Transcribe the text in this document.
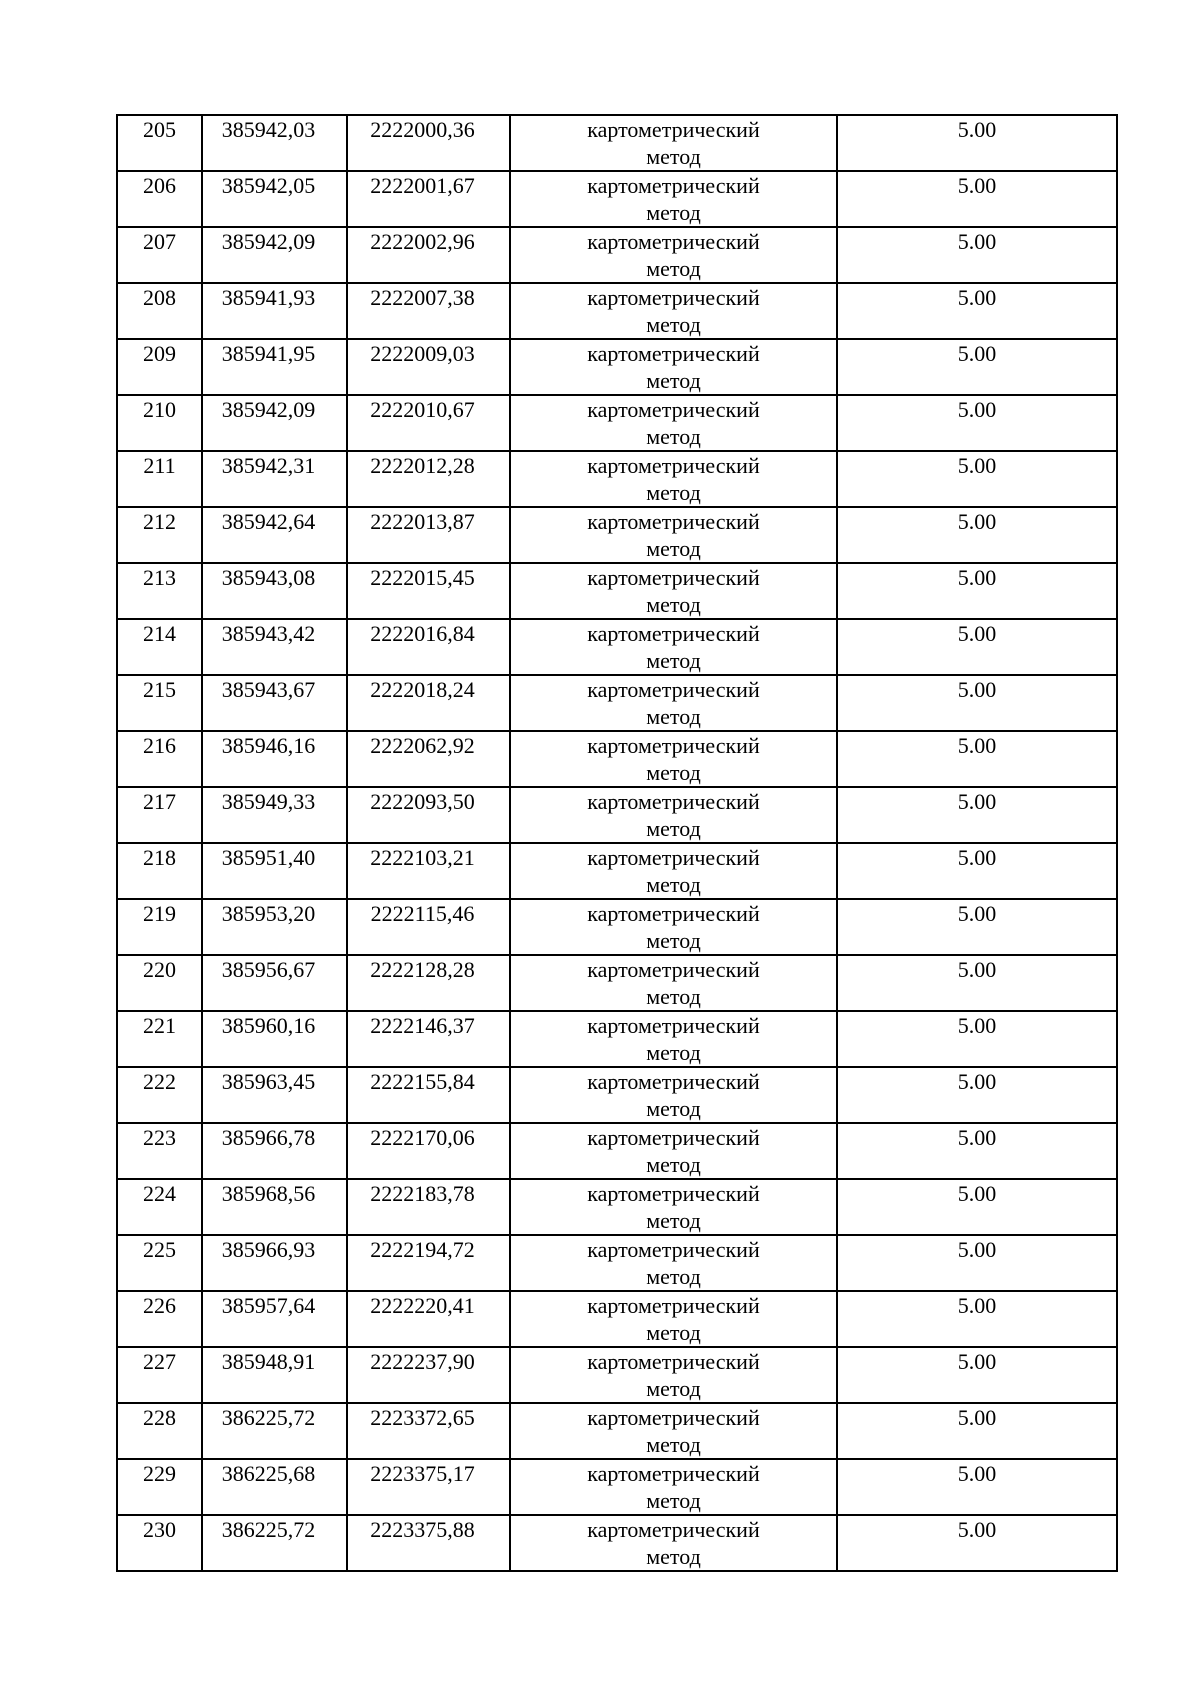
205	385942,03	2222000,36	картометрический метод	5.00
206	385942,05	2222001,67	картометрический метод	5.00
207	385942,09	2222002,96	картометрический метод	5.00
208	385941,93	2222007,38	картометрический метод	5.00
209	385941,95	2222009,03	картометрический метод	5.00
210	385942,09	2222010,67	картометрический метод	5.00
211	385942,31	2222012,28	картометрический метод	5.00
212	385942,64	2222013,87	картометрический метод	5.00
213	385943,08	2222015,45	картометрический метод	5.00
214	385943,42	2222016,84	картометрический метод	5.00
215	385943,67	2222018,24	картометрический метод	5.00
216	385946,16	2222062,92	картометрический метод	5.00
217	385949,33	2222093,50	картометрический метод	5.00
218	385951,40	2222103,21	картометрический метод	5.00
219	385953,20	2222115,46	картометрический метод	5.00
220	385956,67	2222128,28	картометрический метод	5.00
221	385960,16	2222146,37	картометрический метод	5.00
222	385963,45	2222155,84	картометрический метод	5.00
223	385966,78	2222170,06	картометрический метод	5.00
224	385968,56	2222183,78	картометрический метод	5.00
225	385966,93	2222194,72	картометрический метод	5.00
226	385957,64	2222220,41	картометрический метод	5.00
227	385948,91	2222237,90	картометрический метод	5.00
228	386225,72	2223372,65	картометрический метод	5.00
229	386225,68	2223375,17	картометрический метод	5.00
230	386225,72	2223375,88	картометрический метод	5.00
